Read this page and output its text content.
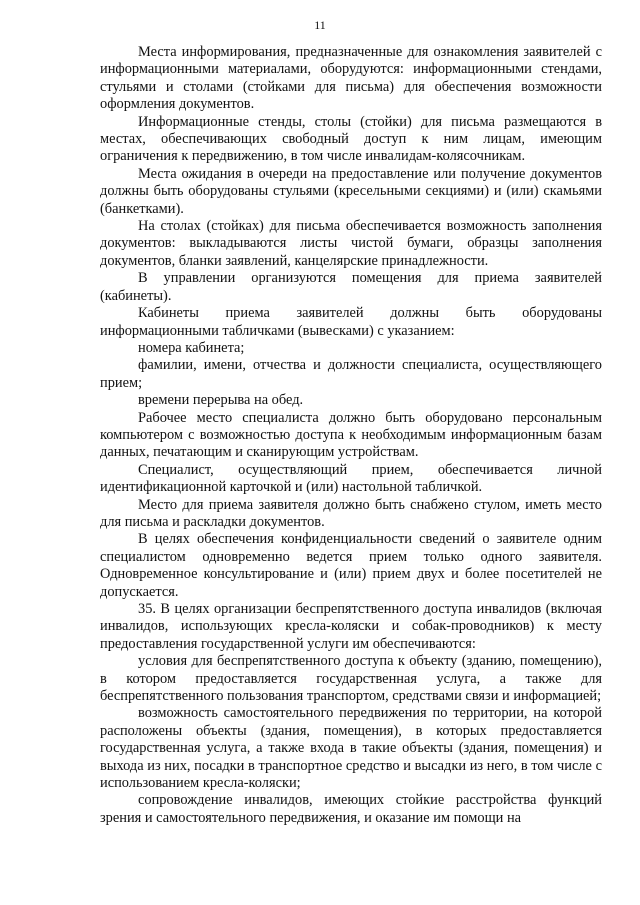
11

Места информирования, предназначенные для ознакомления заявителей с информационными материалами, оборудуются: информационными стендами, стульями и столами (стойками для письма) для обеспечения возможности оформления документов.

Информационные стенды, столы (стойки) для письма размещаются в местах, обеспечивающих свободный доступ к ним лицам, имеющим ограничения к передвижению, в том числе инвалидам-колясочникам.

Места ожидания в очереди на предоставление или получение документов должны быть оборудованы стульями (кресельными секциями) и (или) скамьями (банкетками).

На столах (стойках) для письма обеспечивается возможность заполнения документов: выкладываются листы чистой бумаги, образцы заполнения документов, бланки заявлений, канцелярские принадлежности.

В управлении организуются помещения для приема заявителей (кабинеты).

Кабинеты приема заявителей должны быть оборудованы информационными табличками (вывесками) с указанием:

номера кабинета;

фамилии, имени, отчества и должности специалиста, осуществляющего прием;

времени перерыва на обед.

Рабочее место специалиста должно быть оборудовано персональным компьютером с возможностью доступа к необходимым информационным базам данных, печатающим и сканирующим устройствам.

Специалист, осуществляющий прием, обеспечивается личной идентификационной карточкой и (или) настольной табличкой.

Место для приема заявителя должно быть снабжено стулом, иметь место для письма и раскладки документов.

В целях обеспечения конфиденциальности сведений о заявителе одним специалистом одновременно ведется прием только одного заявителя. Одновременное консультирование и (или) прием двух и более посетителей не допускается.

35. В целях организации беспрепятственного доступа инвалидов (включая инвалидов, использующих кресла-коляски и собак-проводников) к месту предоставления государственной услуги им обеспечиваются:

условия для беспрепятственного доступа к объекту (зданию, помещению), в котором предоставляется государственная услуга, а также для беспрепятственного пользования транспортом, средствами связи и информацией;

возможность самостоятельного передвижения по территории, на которой расположены объекты (здания, помещения), в которых предоставляется государственная услуга, а также входа в такие объекты (здания, помещения) и выхода из них, посадки в транспортное средство и высадки из него, в том числе с использованием кресла-коляски;

сопровождение инвалидов, имеющих стойкие расстройства функций зрения и самостоятельного передвижения, и оказание им помощи на
